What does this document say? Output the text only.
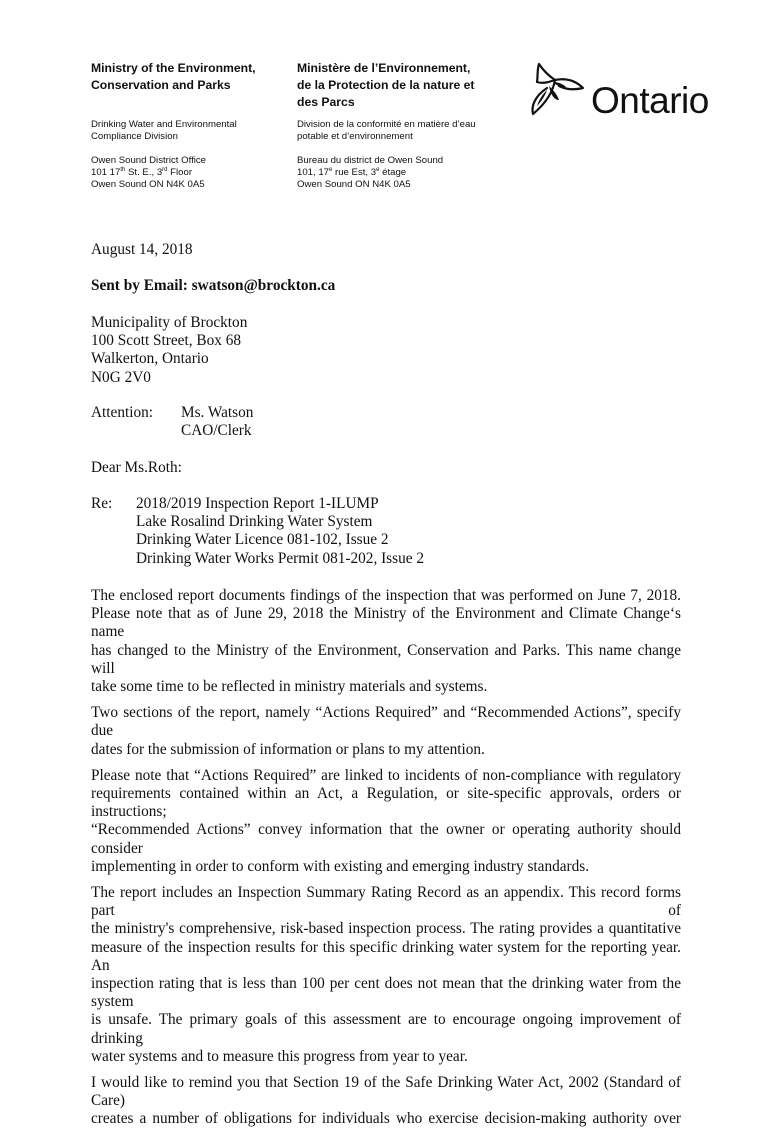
Ministry of the Environment,
Conservation and Parks
Drinking Water and Environmental
Compliance Division
Owen Sound District Office
101 17th St. E., 3rd Floor
Owen Sound ON N4K 0A5
Ministère de l’Environnement,
de la Protection de la nature et
des Parcs
Division de la conformité en matière d’eau
potable et d’environnement
Bureau du district de Owen Sound
101, 17e rue Est, 3e étage
Owen Sound ON N4K 0A5
Ontario
August 14, 2018
Sent by Email: swatson@brockton.ca
Municipality of Brockton
100 Scott Street, Box 68
Walkerton, Ontario
N0G 2V0
Attention: Ms. Watson
CAO/Clerk
Dear Ms.Roth:
Re: 2018/2019 Inspection Report 1-ILUMP
Lake Rosalind Drinking Water System
Drinking Water Licence 081-102, Issue 2
Drinking Water Works Permit 081-202, Issue 2

The enclosed report documents findings of the inspection that was performed on June 7, 2018.
Please note that as of June 29, 2018 the Ministry of the Environment and Climate Change‘s name
has changed to the Ministry of the Environment, Conservation and Parks. This name change will
take some time to be reflected in ministry materials and systems.

Two sections of the report, namely “Actions Required” and “Recommended Actions”, specify due
dates for the submission of information or plans to my attention.

Please note that “Actions Required” are linked to incidents of non-compliance with regulatory
requirements contained within an Act, a Regulation, or site-specific approvals, orders or instructions;
“Recommended Actions” convey information that the owner or operating authority should consider
implementing in order to conform with existing and emerging industry standards.

The report includes an Inspection Summary Rating Record as an appendix. This record forms part of
the ministry's comprehensive, risk-based inspection process. The rating provides a quantitative
measure of the inspection results for this specific drinking water system for the reporting year. An
inspection rating that is less than 100 per cent does not mean that the drinking water from the system
is unsafe. The primary goals of this assessment are to encourage ongoing improvement of drinking
water systems and to measure this progress from year to year.

I would like to remind you that Section 19 of the Safe Drinking Water Act, 2002 (Standard of Care)
creates a number of obligations for individuals who exercise decision-making authority over
